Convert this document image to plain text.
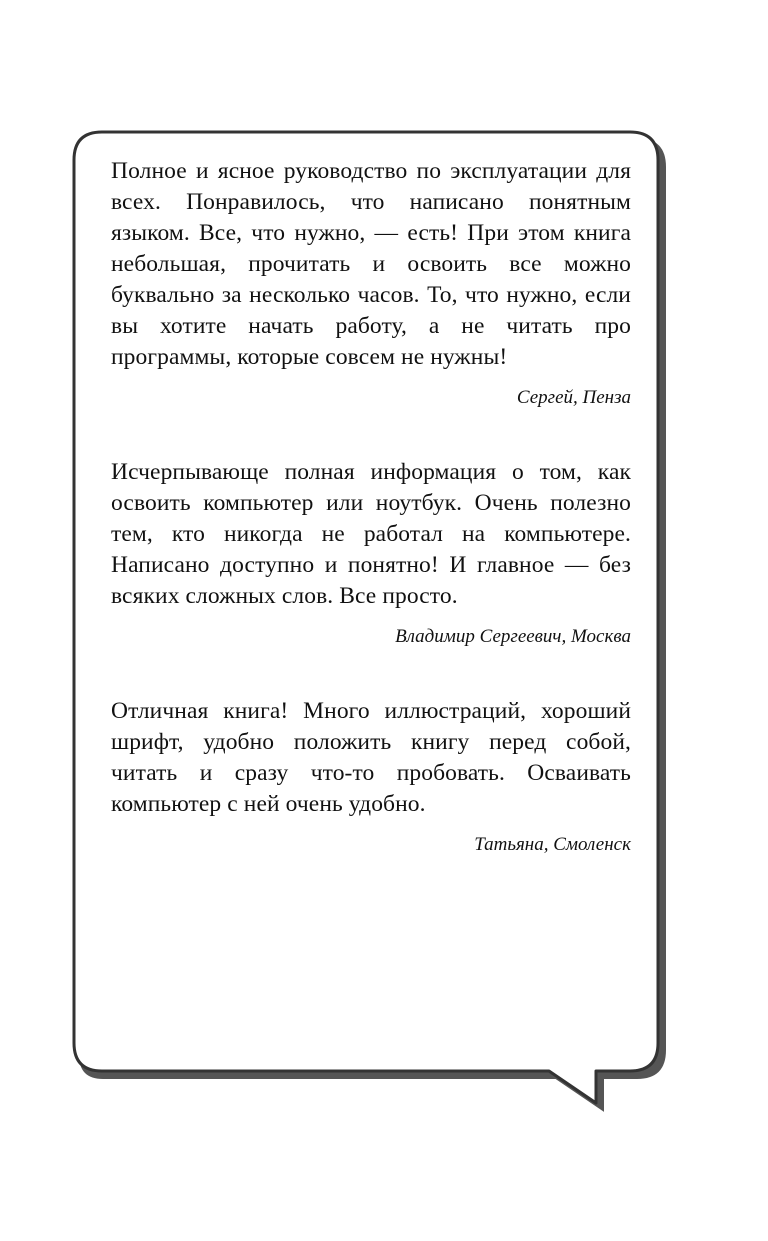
Полное и ясное руководство по эксплуатации для всех. Понравилось, что написано понятным языком. Все, что нужно, — есть! При этом книга небольшая, прочитать и освоить все можно буквально за несколько часов. То, что нужно, если вы хотите начать работу, а не читать про программы, которые совсем не нужны!

Сергей, Пенза

Исчерпывающе полная информация о том, как освоить компьютер или ноутбук. Очень полезно тем, кто никогда не работал на компьютере. Написано доступно и понятно! И главное — без всяких сложных слов. Все просто.

Владимир Сергеевич, Москва

Отличная книга! Много иллюстраций, хороший шрифт, удобно положить книгу перед собой, читать и сразу что-то пробовать. Осваивать компьютер с ней очень удобно.

Татьяна, Смоленск
